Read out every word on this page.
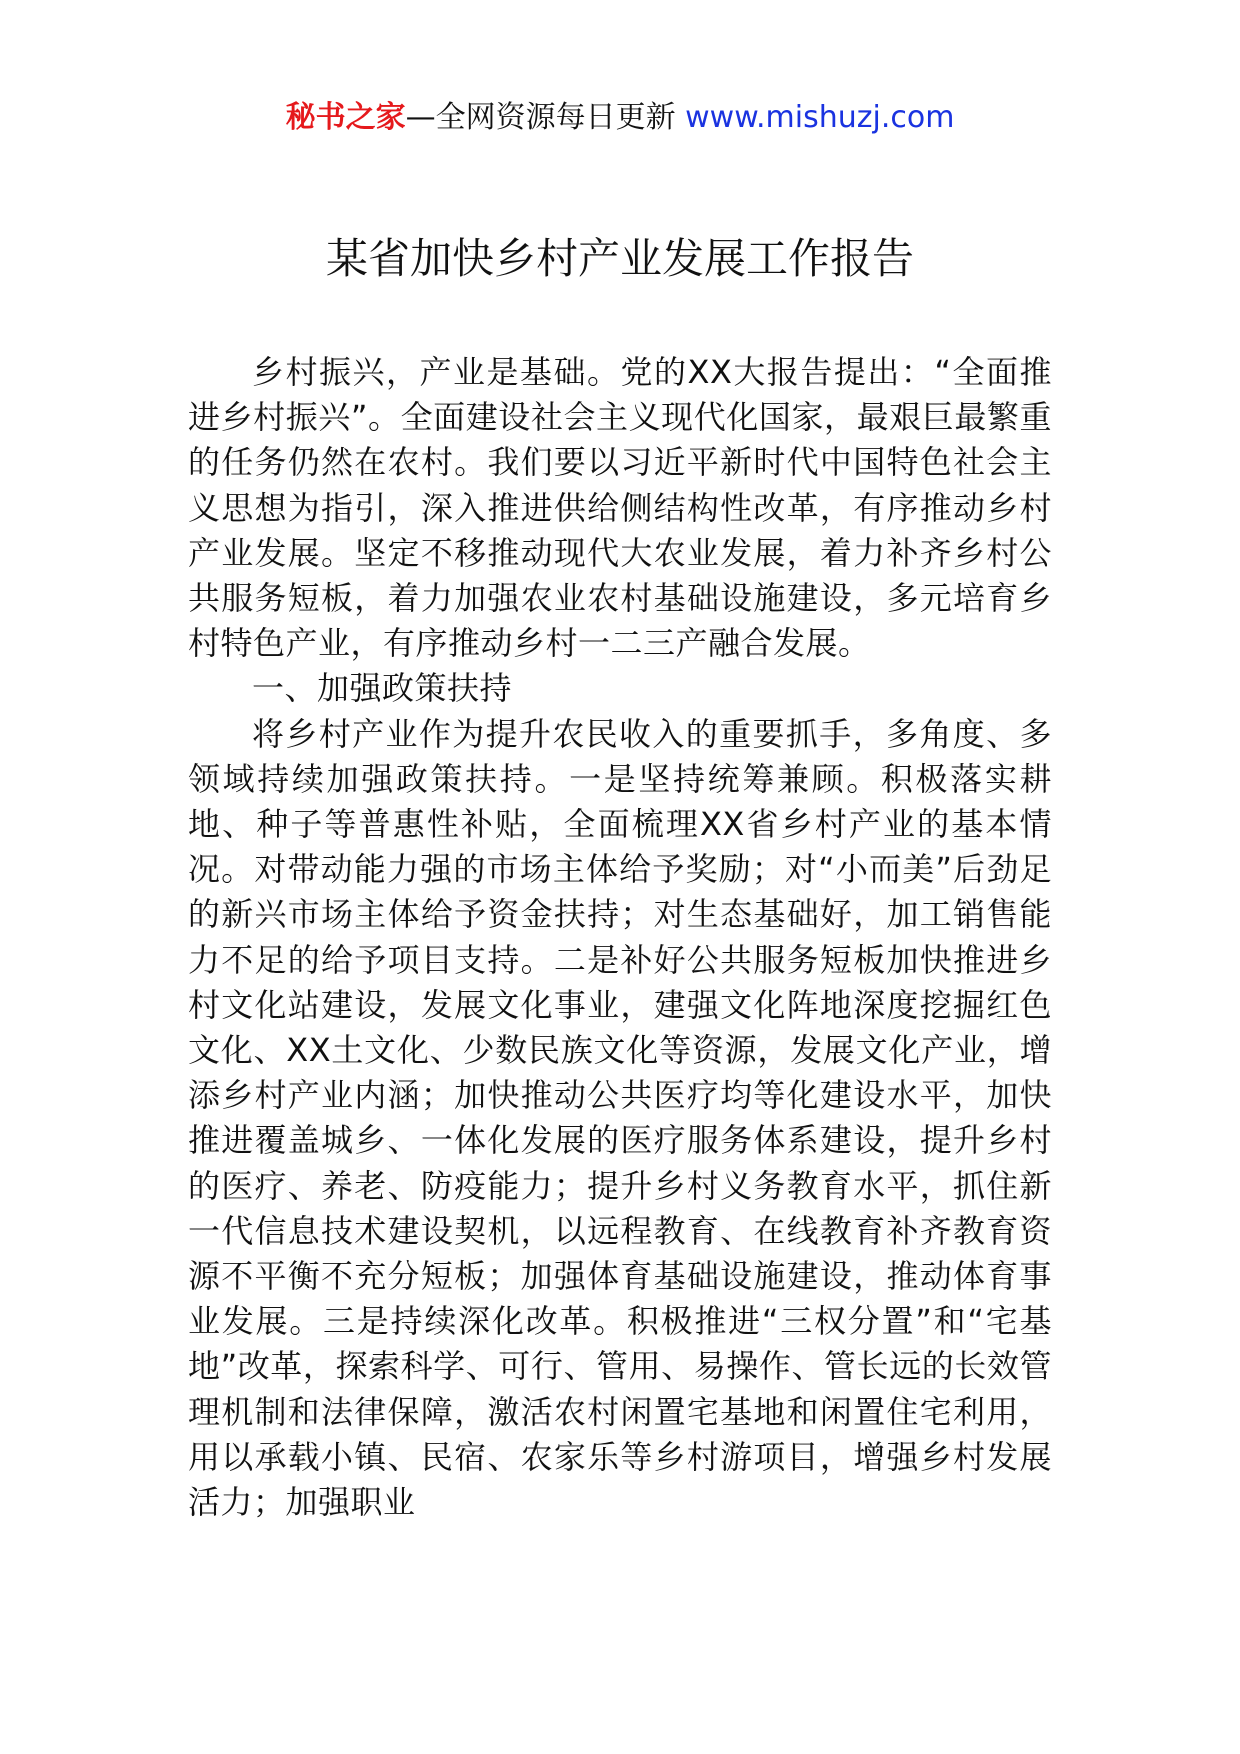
秘书之家—全网资源每日更新 www.mishuzj.com
某省加快乡村产业发展工作报告

乡村振兴，产业是基础。党的XX大报告提出：“全面推进乡村振兴”。全面建设社会主义现代化国家，最艰巨最繁重的任务仍然在农村。我们要以习近平新时代中国特色社会主义思想为指引，深入推进供给侧结构性改革，有序推动乡村产业发展。坚定不移推动现代大农业发展，着力补齐乡村公共服务短板，着力加强农业农村基础设施建设，多元培育乡村特色产业，有序推动乡村一二三产融合发展。

一、加强政策扶持

将乡村产业作为提升农民收入的重要抓手，多角度、多领域持续加强政策扶持。一是坚持统筹兼顾。积极落实耕地、种子等普惠性补贴，全面梳理XX省乡村产业的基本情况。对带动能力强的市场主体给予奖励；对“小而美”后劲足的新兴市场主体给予资金扶持；对生态基础好，加工销售能力不足的给予项目支持。二是补好公共服务短板加快推进乡村文化站建设，发展文化事业，建强文化阵地深度挖掘红色文化、XX土文化、少数民族文化等资源，发展文化产业，增添乡村产业内涵；加快推动公共医疗均等化建设水平，加快推进覆盖城乡、一体化发展的医疗服务体系建设，提升乡村的医疗、养老、防疫能力；提升乡村义务教育水平，抓住新一代信息技术建设契机，以远程教育、在线教育补齐教育资源不平衡不充分短板；加强体育基础设施建设，推动体育事业发展。三是持续深化改革。积极推进“三权分置”和“宅基地”改革，探索科学、可行、管用、易操作、管长远的长效管理机制和法律保障，激活农村闲置宅基地和闲置住宅利用，用以承载小镇、民宿、农家乐等乡村游项目，增强乡村发展活力；加强职业
